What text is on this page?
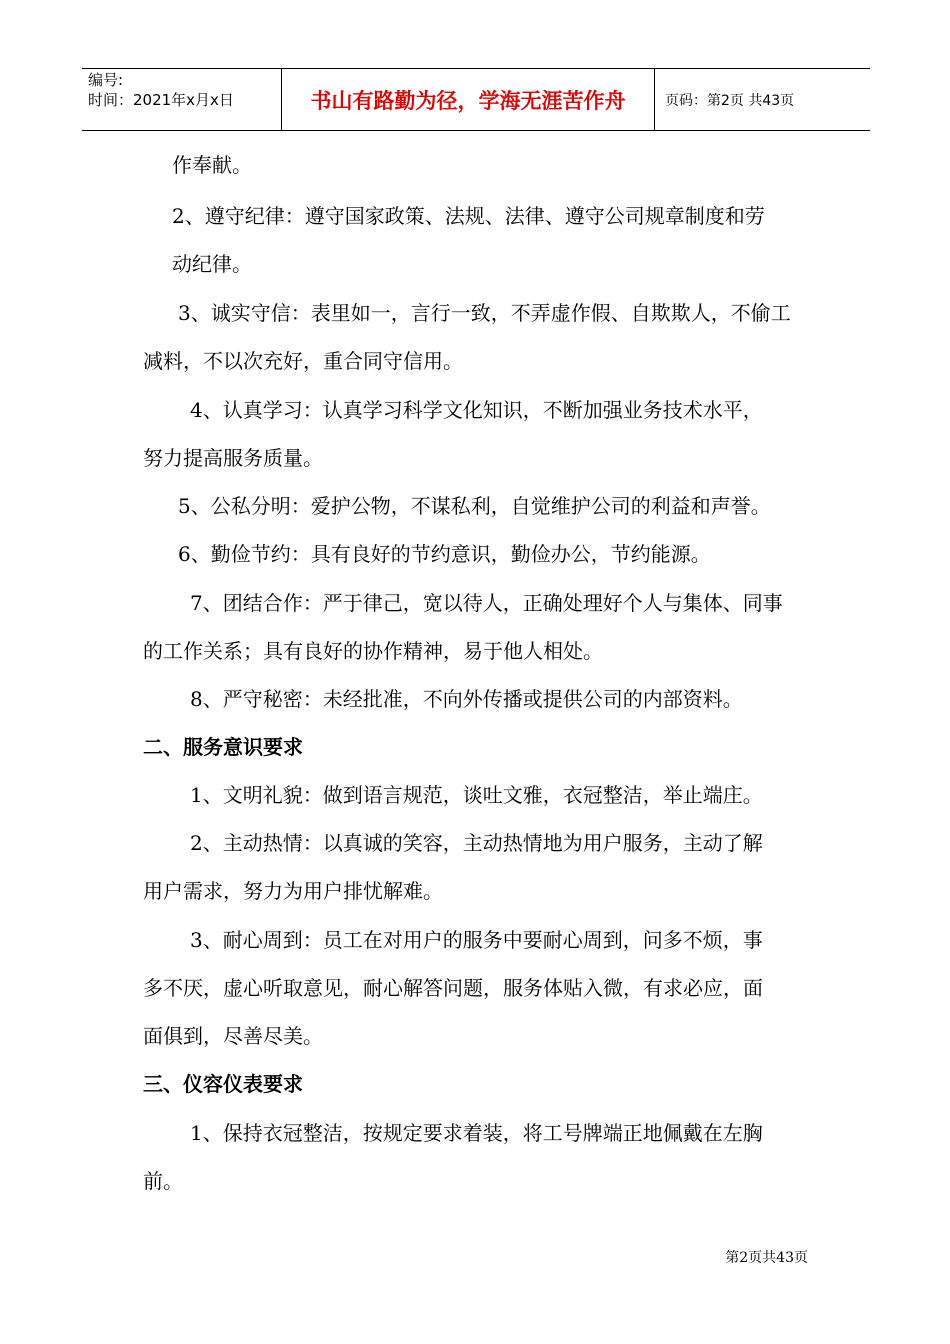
编号:
时间：2021年x月x日	书山有路勤为径，学海无涯苦作舟	页码：第2页 共43页
作奉献。
2、遵守纪律：遵守国家政策、法规、法律、遵守公司规章制度和劳
动纪律。
3、诚实守信：表里如一，言行一致，不弄虚作假、自欺欺人，不偷工
减料，不以次充好，重合同守信用。
4、认真学习：认真学习科学文化知识，不断加强业务技术水平，
努力提高服务质量。
5、公私分明：爱护公物，不谋私利，自觉维护公司的利益和声誉。
6、勤俭节约：具有良好的节约意识，勤俭办公，节约能源。
7、团结合作：严于律己，宽以待人，正确处理好个人与集体、同事
的工作关系；具有良好的协作精神，易于他人相处。
8、严守秘密：未经批准，不向外传播或提供公司的内部资料。
二、服务意识要求
1、文明礼貌：做到语言规范，谈吐文雅，衣冠整洁，举止端庄。
2、主动热情：以真诚的笑容，主动热情地为用户服务，主动了解
用户需求，努力为用户排忧解难。
3、耐心周到：员工在对用户的服务中要耐心周到，问多不烦，事
多不厌，虚心听取意见，耐心解答问题，服务体贴入微，有求必应，面
面俱到，尽善尽美。
三、仪容仪表要求
1、保持衣冠整洁，按规定要求着装，将工号牌端正地佩戴在左胸
前。
第2页共43页
